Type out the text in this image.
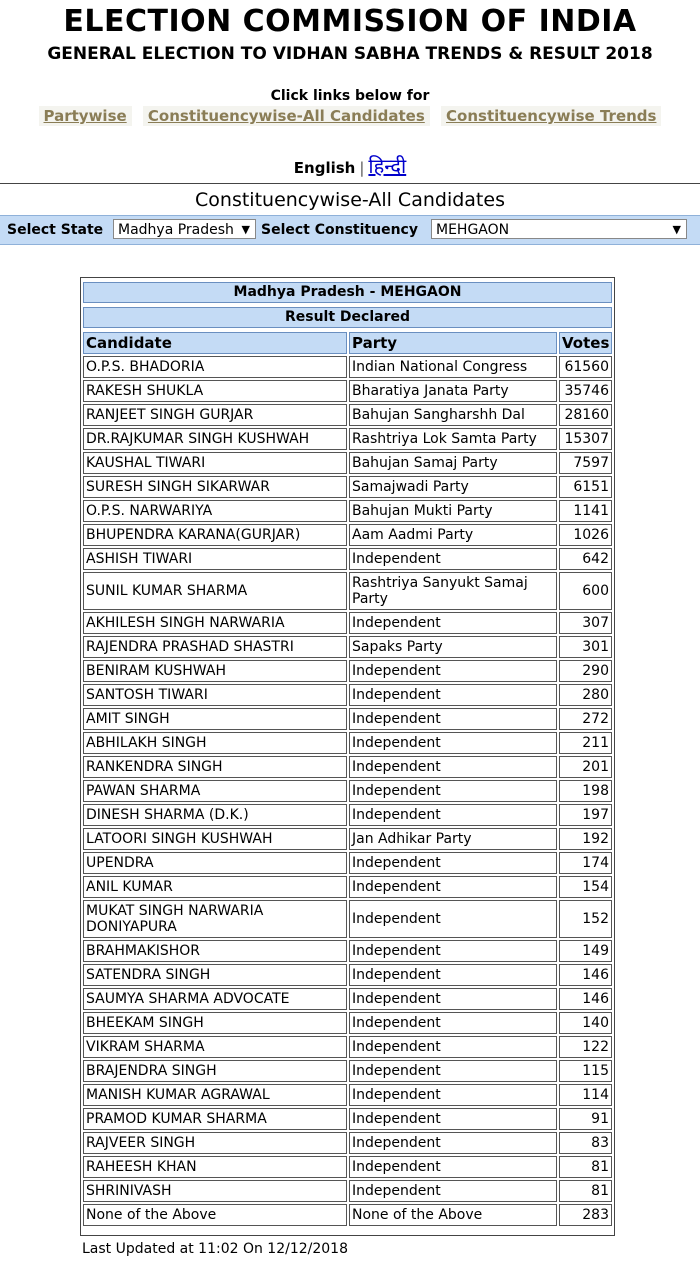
ELECTION COMMISSION OF INDIA
GENERAL ELECTION TO VIDHAN SABHA TRENDS & RESULT 2018
Click links below for
Partywise Constituencywise-All Candidates Constituencywise Trends
English | हिन्दी
Constituencywise-All Candidates
Select State	Madhya Pradesh ▼ Select Constituency	MEHGAON	▼
Madhya Pradesh - MEHGAON
Result Declared
Candidate	Party	Votes
O.P.S. BHADORIA	Indian National Congress	61560
RAKESH SHUKLA	Bharatiya Janata Party	35746
RANJEET SINGH GURJAR	Bahujan Sangharshh Dal	28160
DR.RAJKUMAR SINGH KUSHWAH	Rashtriya Lok Samta Party	15307
KAUSHAL TIWARI	Bahujan Samaj Party	7597
SURESH SINGH SIKARWAR	Samajwadi Party	6151
O.P.S. NARWARIYA	Bahujan Mukti Party	1141
BHUPENDRA KARANA(GURJAR)	Aam Aadmi Party	1026
ASHISH TIWARI	Independent	642
SUNIL KUMAR SHARMA	Rashtriya Sanyukt Samaj Party	600
AKHILESH SINGH NARWARIA	Independent	307
RAJENDRA PRASHAD SHASTRI	Sapaks Party	301
BENIRAM KUSHWAH	Independent	290
SANTOSH TIWARI	Independent	280
AMIT SINGH	Independent	272
ABHILAKH SINGH	Independent	211
RANKENDRA SINGH	Independent	201
PAWAN SHARMA	Independent	198
DINESH SHARMA (D.K.)	Independent	197
LATOORI SINGH KUSHWAH	Jan Adhikar Party	192
UPENDRA	Independent	174
ANIL KUMAR	Independent	154
MUKAT SINGH NARWARIA DONIYAPURA	Independent	152
BRAHMAKISHOR	Independent	149
SATENDRA SINGH	Independent	146
SAUMYA SHARMA ADVOCATE	Independent	146
BHEEKAM SINGH	Independent	140
VIKRAM SHARMA	Independent	122
BRAJENDRA SINGH	Independent	115
MANISH KUMAR AGRAWAL	Independent	114
PRAMOD KUMAR SHARMA	Independent	91
RAJVEER SINGH	Independent	83
RAHEESH KHAN	Independent	81
SHRINIVASH	Independent	81
None of the Above	None of the Above	283
Last Updated at 11:02 On 12/12/2018
